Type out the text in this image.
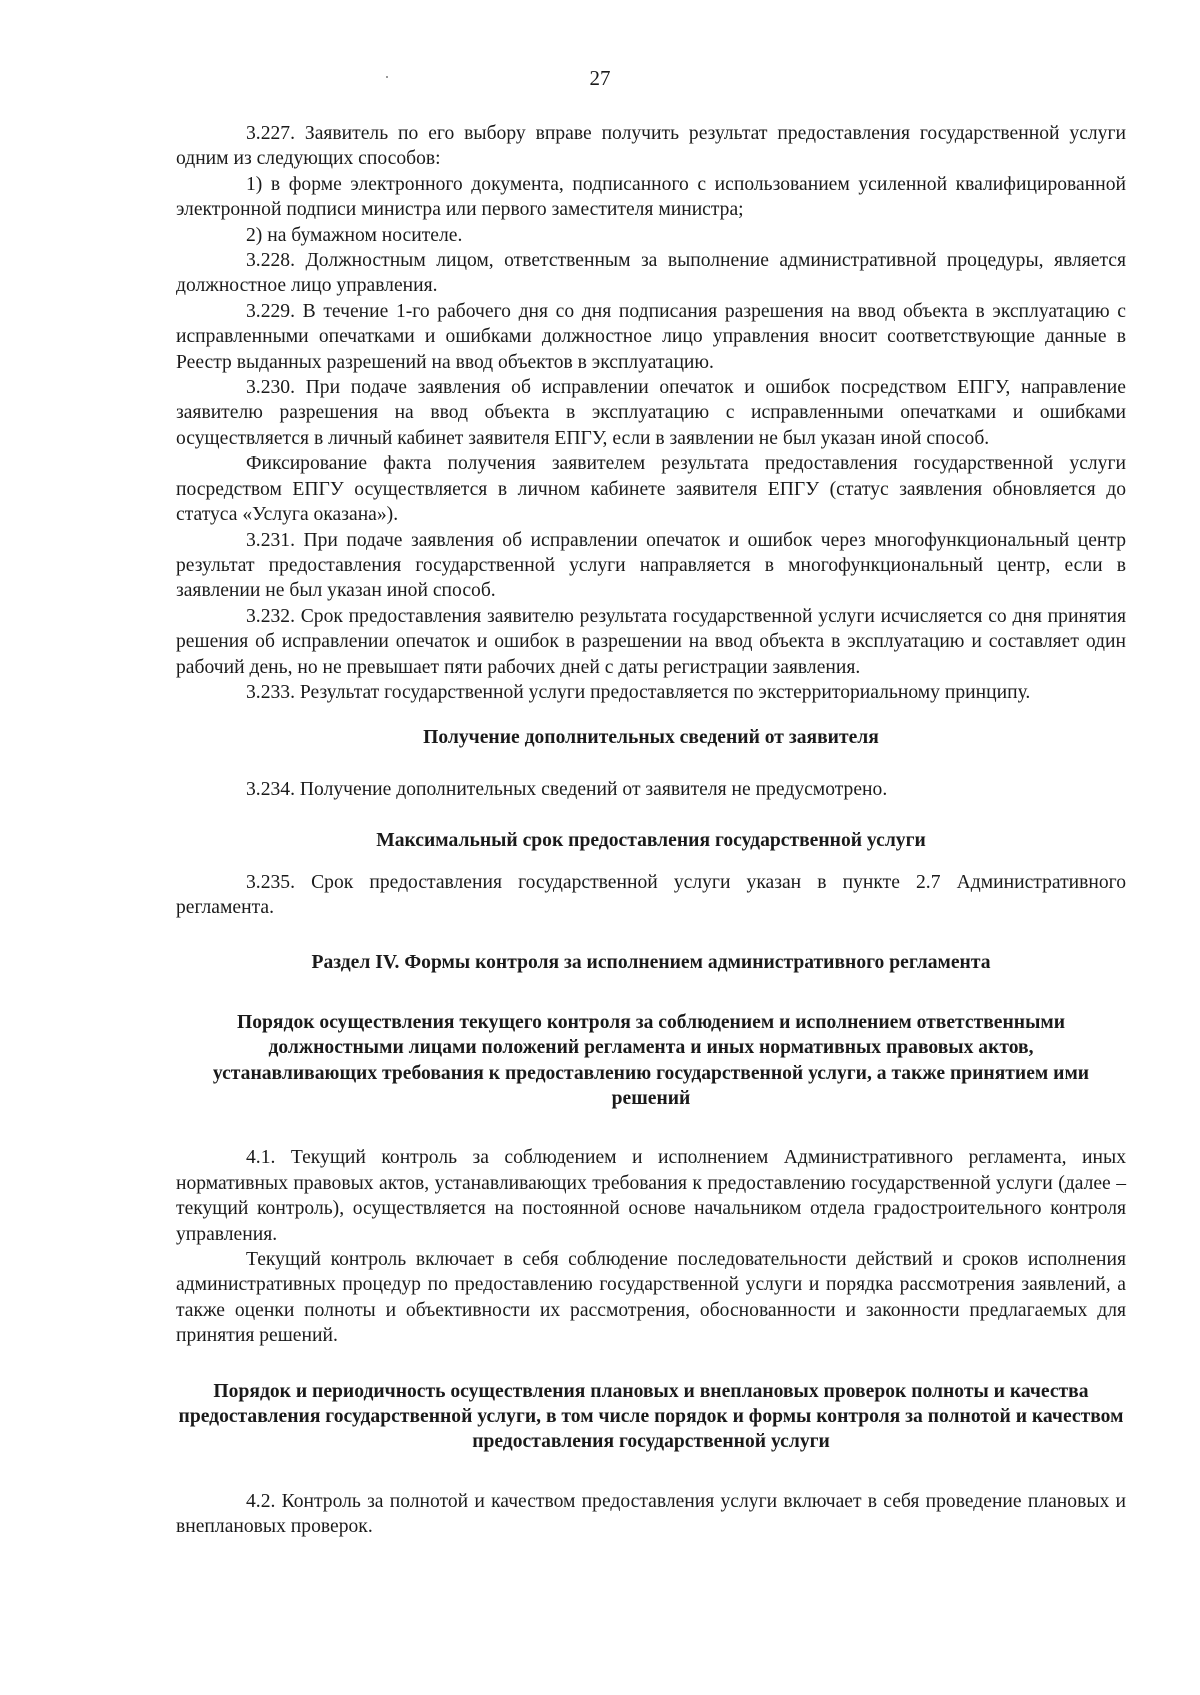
27

3.227. Заявитель по его выбору вправе получить результат предоставления государственной услуги одним из следующих способов:

1) в форме электронного документа, подписанного с использованием усиленной квалифицированной электронной подписи министра или первого заместителя министра;

2) на бумажном носителе.

3.228. Должностным лицом, ответственным за выполнение административной процедуры, является должностное лицо управления.

3.229. В течение 1-го рабочего дня со дня подписания разрешения на ввод объекта в эксплуатацию с исправленными опечатками и ошибками должностное лицо управления вносит соответствующие данные в Реестр выданных разрешений на ввод объектов в эксплуатацию.

3.230. При подаче заявления об исправлении опечаток и ошибок посредством ЕПГУ, направление заявителю разрешения на ввод объекта в эксплуатацию с исправленными опечатками и ошибками осуществляется в личный кабинет заявителя ЕПГУ, если в заявлении не был указан иной способ.

Фиксирование факта получения заявителем результата предоставления государственной услуги посредством ЕПГУ осуществляется в личном кабинете заявителя ЕПГУ (статус заявления обновляется до статуса «Услуга оказана»).

3.231. При подаче заявления об исправлении опечаток и ошибок через многофункциональный центр результат предоставления государственной услуги направляется в многофункциональный центр, если в заявлении не был указан иной способ.

3.232. Срок предоставления заявителю результата государственной услуги исчисляется со дня принятия решения об исправлении опечаток и ошибок в разрешении на ввод объекта в эксплуатацию и составляет один рабочий день, но не превышает пяти рабочих дней с даты регистрации заявления.

3.233. Результат государственной услуги предоставляется по экстерриториальному принципу.

Получение дополнительных сведений от заявителя

3.234. Получение дополнительных сведений от заявителя не предусмотрено.

Максимальный срок предоставления государственной услуги

3.235. Срок предоставления государственной услуги указан в пункте 2.7 Административного регламента.

Раздел IV. Формы контроля за исполнением административного регламента
Порядок осуществления текущего контроля за соблюдением и исполнением ответственными должностными лицами положений регламента и иных нормативных правовых актов, устанавливающих требования к предоставлению государственной услуги, а также принятием ими решений

4.1. Текущий контроль за соблюдением и исполнением Административного регламента, иных нормативных правовых актов, устанавливающих требования к предоставлению государственной услуги (далее – текущий контроль), осуществляется на постоянной основе начальником отдела градостроительного контроля управления.

Текущий контроль включает в себя соблюдение последовательности действий и сроков исполнения административных процедур по предоставлению государственной услуги и порядка рассмотрения заявлений, а также оценки полноты и объективности их рассмотрения, обоснованности и законности предлагаемых для принятия решений.

Порядок и периодичность осуществления плановых и внеплановых проверок полноты и качества предоставления государственной услуги, в том числе порядок и формы контроля за полнотой и качеством предоставления государственной услуги

4.2. Контроль за полнотой и качеством предоставления услуги включает в себя проведение плановых и внеплановых проверок.
